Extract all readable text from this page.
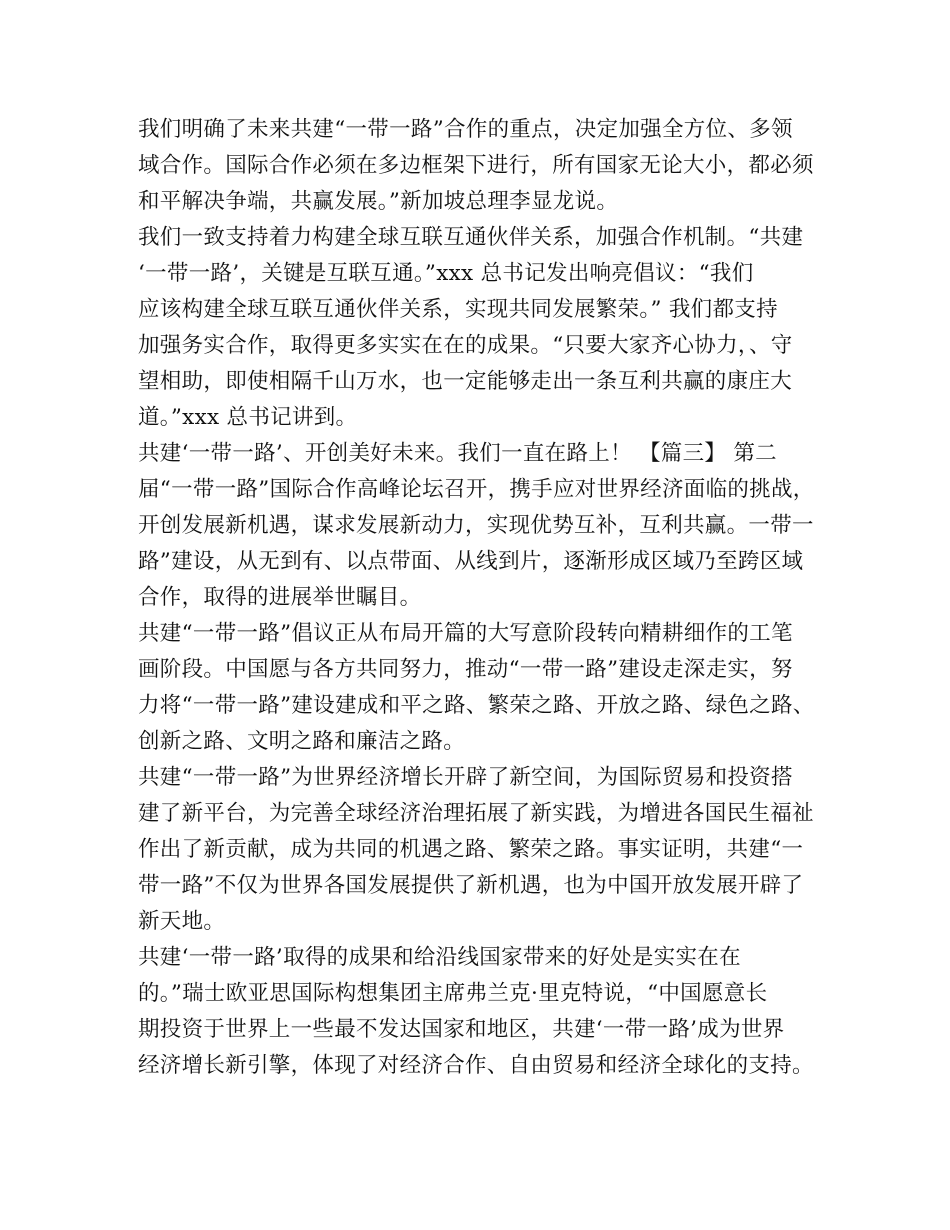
我们明确了未来共建“一带一路”合作的重点，决定加强全方位、多领
域合作。国际合作必须在多边框架下进行，所有国家无论大小，都必须
和平解决争端，共赢发展。”新加坡总理李显龙说。
我们一致支持着力构建全球互联互通伙伴关系，加强合作机制。“共建
‘一带一路’，关键是互联互通。”xxx 总书记发出响亮倡议：“我们
应该构建全球互联互通伙伴关系，实现共同发展繁荣。” 我们都支持
加强务实合作，取得更多实实在在的成果。“只要大家齐心协力，、守
望相助，即使相隔千山万水，也一定能够走出一条互利共赢的康庄大
道。”xxx 总书记讲到。
共建‘一带一路’、开创美好未来。我们一直在路上！ 【篇三】 第二
届“一带一路”国际合作高峰论坛召开，携手应对世界经济面临的挑战，
开创发展新机遇，谋求发展新动力，实现优势互补，互利共赢。一带一
路”建设，从无到有、以点带面、从线到片，逐渐形成区域乃至跨区域
合作，取得的进展举世瞩目。
共建“一带一路”倡议正从布局开篇的大写意阶段转向精耕细作的工笔
画阶段。中国愿与各方共同努力，推动“一带一路”建设走深走实，努
力将“一带一路”建设建成和平之路、繁荣之路、开放之路、绿色之路、
创新之路、文明之路和廉洁之路。
共建“一带一路”为世界经济增长开辟了新空间，为国际贸易和投资搭
建了新平台，为完善全球经济治理拓展了新实践，为增进各国民生福祉
作出了新贡献，成为共同的机遇之路、繁荣之路。事实证明，共建“一
带一路”不仅为世界各国发展提供了新机遇，也为中国开放发展开辟了
新天地。
共建‘一带一路’取得的成果和给沿线国家带来的好处是实实在在
的。”瑞士欧亚思国际构想集团主席弗兰克·里克特说，“中国愿意长
期投资于世界上一些最不发达国家和地区，共建‘一带一路’成为世界
经济增长新引擎，体现了对经济合作、自由贸易和经济全球化的支持。
